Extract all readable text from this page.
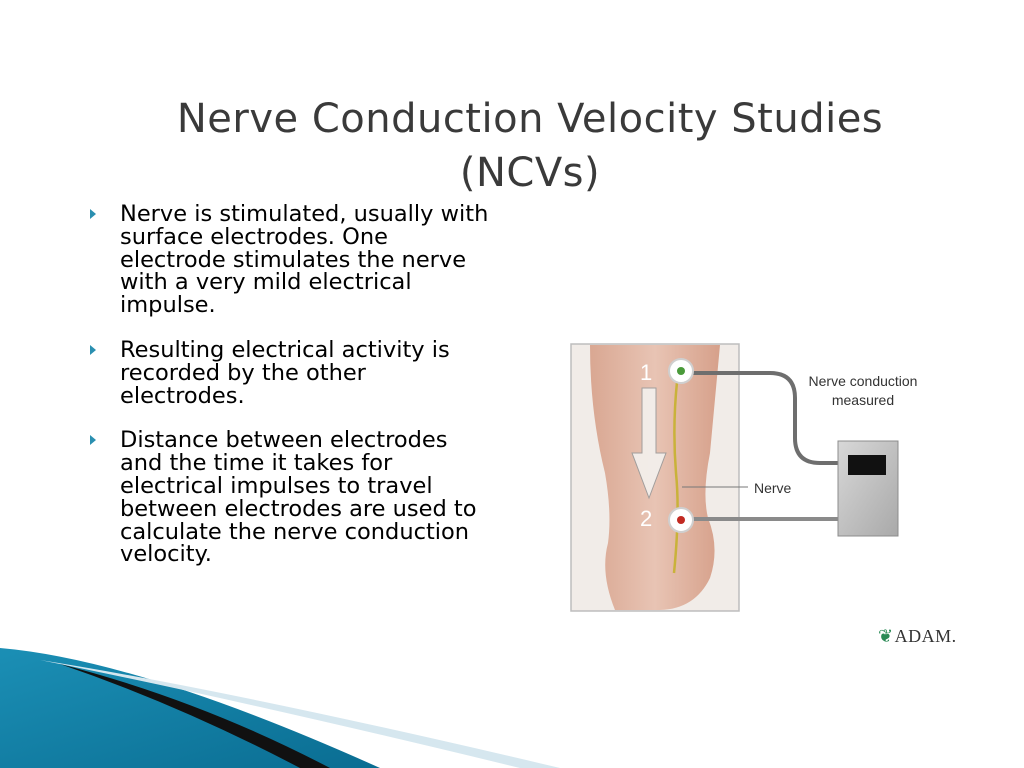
Nerve Conduction Velocity Studies
(NCVs)
Nerve is stimulated, usually with surface electrodes. One electrode stimulates the nerve with a very mild electrical impulse.
Resulting electrical activity is recorded by the other electrodes.
Distance between electrodes and the time it takes for electrical impulses to travel between electrodes are used to calculate the nerve conduction velocity.
1
2
Nerve conduction
measured
Nerve
❦ADAM.
